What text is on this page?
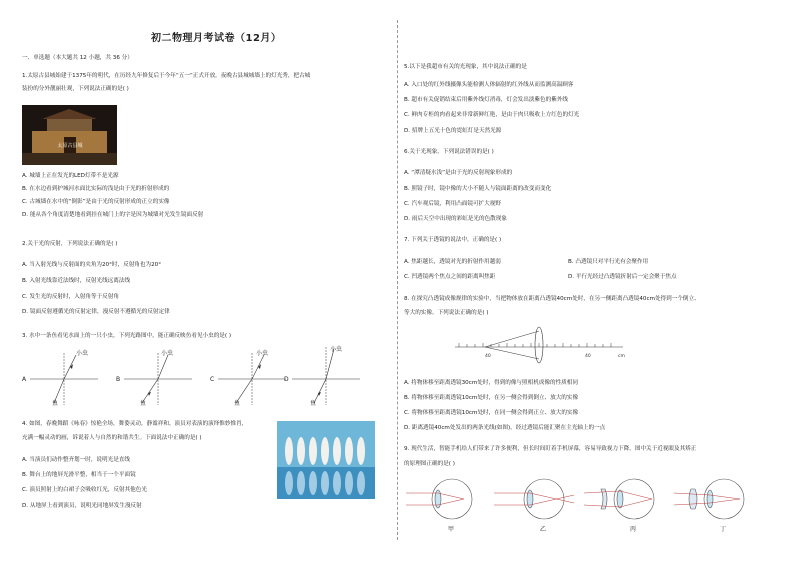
初二物理月考试卷（12月）
一、单选题（本大题共 12 小题，共 36 分）
1.太原古县城始建于1375年的明代，在历经九年修复后于今年“五一”正式开放。夜晚古县城城墙上的灯光秀，把古城
装扮的分外靓丽壮观，下列说法正确的是( )
太原古县城
A. 城墙上正在发光的LED灯带不是光源
B. 在水边看到护城河水面比实际的浅是由于光的折射形成的
C. 古城墙在水中的“倒影”是由于光的反射形成的正立的实像
D. 能从各个角度清楚地看到挂在城门上的字是因为城墙对光发生镜面反射
2.关于光的反射，下列说法正确的是( )
A. 当入射光线与反射面的夹角为20°时，反射角也为20°
B. 入射光线靠近法线时，反射光线远离法线
C. 发生光的反射时，入射角等于反射角
D. 镜面反射遵循光的反射定律，漫反射不遵循光的反射定律
3. 水中一条鱼看见水面上的一只小虫，下列光路图中，能正确反映鱼看见小虫的是( )
A
小虫
鱼
B
小虫
鱼
C
小虫
鱼
D
小虫
鱼
4. 如图，春晚舞蹈《咏春》惊艳全场，舞姿灵动，静谧祥和，演员对表演的演绎惟妙惟肖，
充满一幅灵动的画，诉说着人与自然的和谐共生。下面说法中正确的是( )
A. 当演员们动作整齐划一时，说明光是直线
B. 舞台上的地屏光滑平整，相当于一个平面镜
C. 演员照射上的白裙子会吸收红光，反射其他色光
D. 从地屏上看到演员，说明光同地屏发生漫反射
5.以下是我超市有关的光现象，其中说法正确的是
A. 入口处的红外线摄像头能检测人体辐射的红外线从而监测高温顾客
B. 超市有关促销结束后用紫外线灯消毒，灯会发出淡紫色的紫外线
C. 鲜肉专柜的肉看起来非常新鲜红艳，是由于肉只吸收上方红色的灯光
D. 招牌上五光十色的霓虹灯是天然光源
6.关于光现象，下列说法错误的是( )
A. “潭清疑水浅”是由于光的反射现象形成的
B. 照镜子时，镜中像的大小不随人与镜面距离的改变而变化
C. 汽车观后镜，利用凸面镜可扩大视野
D. 雨后天空中出现的彩虹是光的色散现象
7. 下列关于透镜的说法中，正确的是( )
A. 焦距越长，透镜对光的折射作用越弱	B. 凸透镜只对平行光有会聚作用
C. 凹透镜两个焦点之间的距离叫焦距	D. 平行光经过凸透镜折射后一定会聚于焦点
8. 在探究凸透镜成像规律的实验中，当把物体放在距离凸透镜40cm处时，在另一侧距离凸透镜40cm处得到一个倒立、
等大的实像。下列说法正确的是( )
40	40	cm
A. 将物体移至距离透镜30cm处时，得到的像与照相机成像的性质相同
B. 将物体移至距离透镜10cm处时，在另一侧会得到倒立、放大的实像
C. 将物体移至距离透镜10cm处时，在同一侧会得到正立、放大的实像
D. 距离透镜40cm处发出的两条光线(如图)，经过透镜后能汇聚在主光轴上的一点
9. 现代生活，智能手机给人们带来了许多便利，但长时间盯着手机屏幕，容易导致视力下降。图中关于近视眼及其矫正
的原理图正确的是( )
甲	乙	丙	丁
